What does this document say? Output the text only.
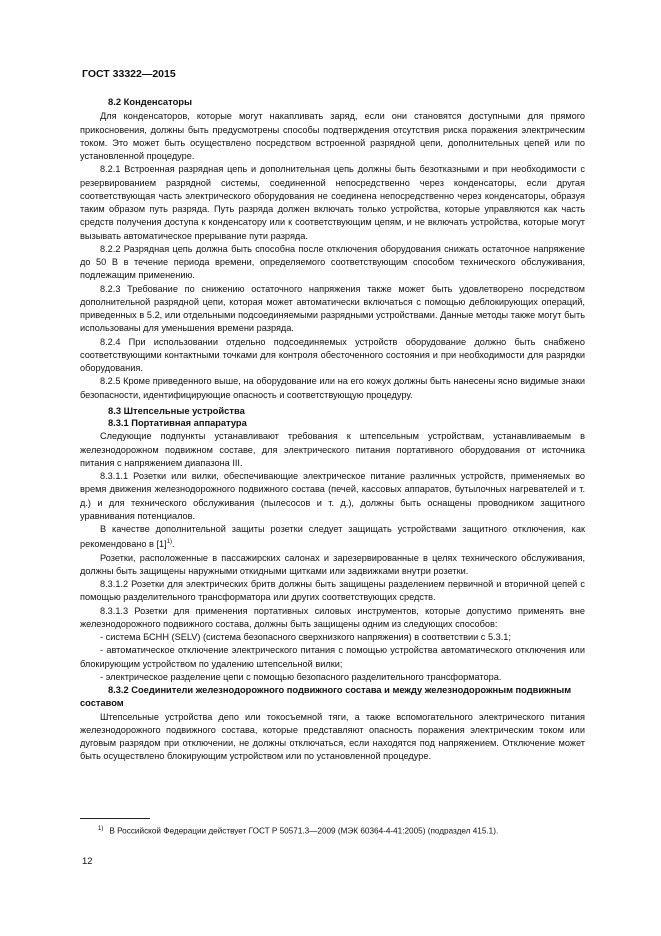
ГОСТ 33322—2015
8.2 Конденсаторы

Для конденсаторов, которые могут накапливать заряд, если они становятся доступными для прямого прикосновения, должны быть предусмотрены способы подтверждения отсутствия риска поражения электрическим током. Это может быть осуществлено посредством встроенной разрядной цепи, дополнительных цепей или по установленной процедуре.

8.2.1 Встроенная разрядная цепь и дополнительная цепь должны быть безотказными и при необходимости с резервированием разрядной системы, соединенной непосредственно через конденсаторы, если другая соответствующая часть электрического оборудования не соединена непосредственно через конденсаторы, образуя таким образом путь разряда. Путь разряда должен включать только устройства, которые управляются как часть средств получения доступа к конденсатору или к соответствующим цепям, и не включать устройства, которые могут вызывать автоматическое прерывание пути разряда.

8.2.2 Разрядная цепь должна быть способна после отключения оборудования снижать остаточное напряжение до 50 В в течение периода времени, определяемого соответствующим способом технического обслуживания, подлежащим применению.

8.2.3 Требование по снижению остаточного напряжения также может быть удовлетворено посредством дополнительной разрядной цепи, которая может автоматически включаться с помощью деблокирующих операций, приведенных в 5.2, или отдельными подсоединяемыми разрядными устройствами. Данные методы также могут быть использованы для уменьшения времени разряда.

8.2.4 При использовании отдельно подсоединяемых устройств оборудование должно быть снабжено соответствующими контактными точками для контроля обесточенного состояния и при необходимости для разрядки оборудования.

8.2.5 Кроме приведенного выше, на оборудование или на его кожух должны быть нанесены ясно видимые знаки безопасности, идентифицирующие опасность и соответствующую процедуру.

8.3 Штепсельные устройства
8.3.1 Портативная аппаратура

Следующие подпункты устанавливают требования к штепсельным устройствам, устанавливаемым в железнодорожном подвижном составе, для электрического питания портативного оборудования от источника питания с напряжением диапазона III.

8.3.1.1 Розетки или вилки, обеспечивающие электрическое питание различных устройств, применяемых во время движения железнодорожного подвижного состава (печей, кассовых аппаратов, бутылочных нагревателей и т. д.) и для технического обслуживания (пылесосов и т. д.), должны быть оснащены проводником защитного уравнивания потенциалов.

В качестве дополнительной защиты розетки следует защищать устройствами защитного отключения, как рекомендовано в [1]$^{1)}$.

Розетки, расположенные в пассажирских салонах и зарезервированные в целях технического обслуживания, должны быть защищены наружными откидными щитками или задвижками внутри розетки.

8.3.1.2 Розетки для электрических бритв должны быть защищены разделением первичной и вторичной цепей с помощью разделительного трансформатора или других соответствующих средств.

8.3.1.3 Розетки для применения портативных силовых инструментов, которые допустимо применять вне железнодорожного подвижного состава, должны быть защищены одним из следующих способов:

- система БСНН (SELV) (система безопасного сверхнизкого напряжения) в соответствии с 5.3.1;

- автоматическое отключение электрического питания с помощью устройства автоматического отключения или блокирующим устройством по удалению штепсельной вилки;

- электрическое разделение цепи с помощью безопасного разделительного трансформатора.

8.3.2 Соединители железнодорожного подвижного состава и между железнодорожным подвижным составом

Штепсельные устройства депо или токосъемной тяги, а также вспомогательного электрического питания железнодорожного подвижного состава, которые представляют опасность поражения электрическим током или дуговым разрядом при отключении, не должны отключаться, если находятся под напряжением. Отключение может быть осуществлено блокирующим устройством или по установленной процедуре.

$^{1)}$ В Российской Федерации действует ГОСТ Р 50571.3—2009 (МЭК 60364-4-41:2005) (подраздел 415.1).
12
